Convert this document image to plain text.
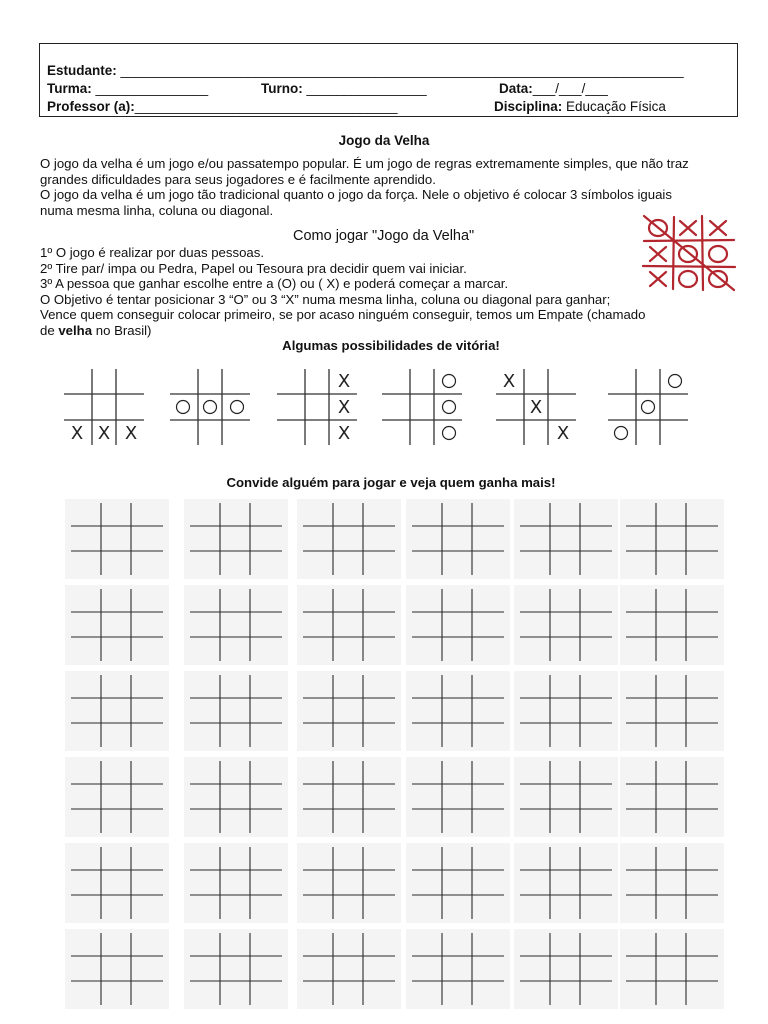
Estudante: ___________________________________________________________________________
Turma: _______________	Turno: ________________	Data:___/___/___
Professor (a):___________________________________	Disciplina: Educação Física
Jogo da Velha
O jogo da velha é um jogo e/ou passatempo popular. É um jogo de regras extremamente simples, que não traz
grandes dificuldades para seus jogadores e é facilmente aprendido.
O jogo da velha é um jogo tão tradicional quanto o jogo da força. Nele o objetivo é colocar 3 símbolos iguais
numa mesma linha, coluna ou diagonal.
Como jogar "Jogo da Velha"
1º O jogo é realizar por duas pessoas.
2º Tire par/ impa ou Pedra, Papel ou Tesoura pra decidir quem vai iniciar.
3º A pessoa que ganhar escolhe entre a (O) ou ( X) e poderá começar a marcar.
O Objetivo é tentar posicionar 3 “O” ou 3 “X” numa mesma linha, coluna ou diagonal para ganhar;
Vence quem conseguir colocar primeiro, se por acaso ninguém conseguir, temos um Empate (chamado
de velha no Brasil)
Algumas possibilidades de vitória!
X X X
X
X
X
X
X
X
Convide alguém para jogar e veja quem ganha mais!
